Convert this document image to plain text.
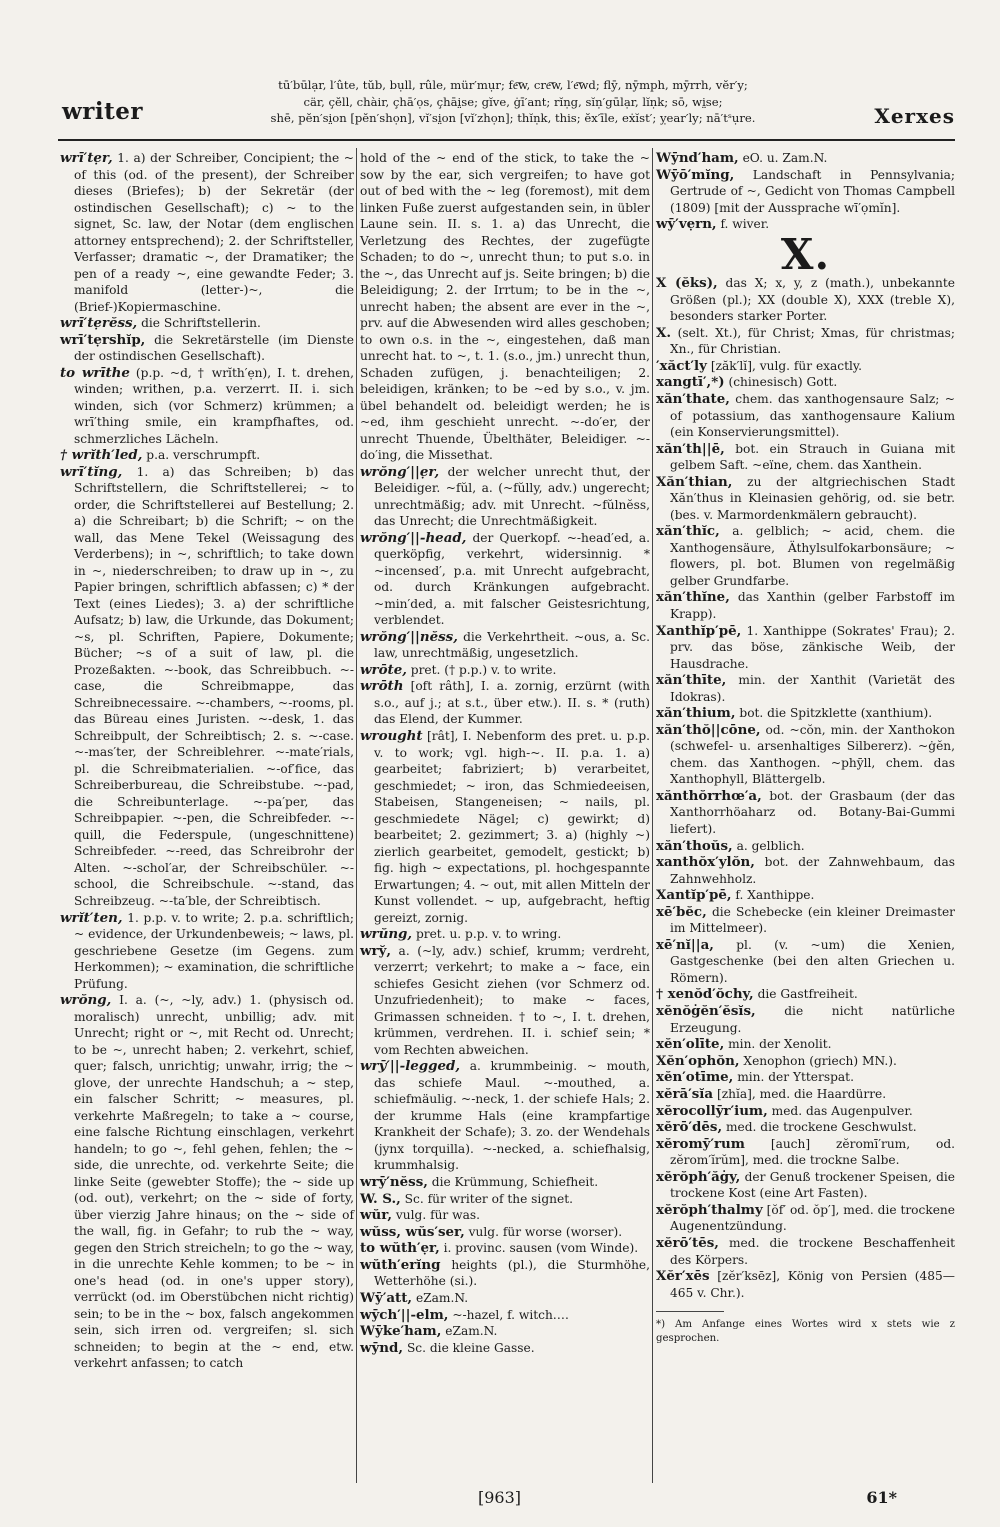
writer
tū′būlạr, l′ûte, tŭb, bụll, rûle, mür′mụr; fe͞w, cre͞w, l′e͞wd; flȳ, nȳmph, mȳrrh, vĕr′y;
cär, çĕll, chàir, çhā′ọs, çhāi̤se; gĭve, ġī′ant; rĭṇg, sĭṇ′gūlạr, lĭṇk; sō, wi̤se;
shē, pĕn′si̤on [pĕn′shọn], vĭ′si̤on [vĭ′zhọn]; thĭṇk, this; ĕx′īle, eẋĭst′; ỵear′ly; nā′tˢụre.	Xerxes
wrī′tẹr, 1. a) der Schreiber, Concipient; the ~ of this (od. of the present), der Schreiber dieses (Briefes); b) der Sekretär (der ostindischen Gesellschaft); c) ~ to the signet, Sc. law, der Notar (dem englischen attorney entsprechend); 2. der Schriftsteller, Verfasser; dramatic ~, der Dramatiker; the pen of a ready ~, eine gewandte Feder; 3. manifold (letter-)~, die (Brief-)Kopiermaschine.
wrī′tẹrĕss, die Schriftstellerin.
wrī′tẹrshĭp, die Sekretärstelle (im Dienste der ostindischen Gesellschaft).
to wrīthe (p.p. ~d, † wrĭth′ẹn), I. t. drehen, winden; writhen, p.a. verzerrt. II. i. sich winden, sich (vor Schmerz) krümmen; a wrī′thing smile, ein krampfhaftes, od. schmerzliches Lächeln.
† wrĭth′led, p.a. verschrumpft.
wrī′tĭng, 1. a) das Schreiben; b) das Schriftstellern, die Schriftstellerei; ~ to order, die Schriftstellerei auf Bestellung; 2. a) die Schreibart; b) die Schrift; ~ on the wall, das Mene Tekel (Weissagung des Verderbens); in ~, schriftlich; to take down in ~, niederschreiben; to draw up in ~, zu Papier bringen, schriftlich abfassen; c) * der Text (eines Liedes); 3. a) der schriftliche Aufsatz; b) law, die Urkunde, das Dokument; ~s, pl. Schriften, Papiere, Dokumente; Bücher; ~s of a suit of law, pl. die Prozeßakten. ~-book, das Schreibbuch. ~-case, die Schreibmappe, das Schreibnecessaire. ~-chambers, ~-rooms, pl. das Büreau eines Juristen. ~-desk, 1. das Schreibpult, der Schreibtisch; 2. s. ~-case. ~-mas′ter, der Schreiblehrer. ~-mate′rials, pl. die Schreibmaterialien. ~-of′fice, das Schreiberbureau, die Schreibstube. ~-pad, die Schreibunterlage. ~-pa′per, das Schreibpapier. ~-pen, die Schreibfeder. ~-quill, die Federspule, (ungeschnittene) Schreibfeder. ~-reed, das Schreibrohr der Alten. ~-schol′ar, der Schreibschüler. ~-school, die Schreibschule. ~-stand, das Schreibzeug. ~-ta′ble, der Schreibtisch.
wrĭt′ten, 1. p.p. v. to write; 2. p.a. schriftlich; ~ evidence, der Urkundenbeweis; ~ laws, pl. geschriebene Gesetze (im Gegens. zum Herkommen); ~ examination, die schriftliche Prüfung.
wrŏng, I. a. (~, ~ly, adv.) 1. (physisch od. moralisch) unrecht, unbillig; adv. mit Unrecht; right or ~, mit Recht od. Unrecht; to be ~, unrecht haben; 2. verkehrt, schief, quer; falsch, unrichtig; unwahr, irrig; the ~ glove, der unrechte Handschuh; a ~ step, ein falscher Schritt; ~ measures, pl. verkehrte Maßregeln; to take a ~ course, eine falsche Richtung einschlagen, verkehrt handeln; to go ~, fehl gehen, fehlen; the ~ side, die unrechte, od. verkehrte Seite; die linke Seite (gewebter Stoffe); the ~ side up (od. out), verkehrt; on the ~ side of forty, über vierzig Jahre hinaus; on the ~ side of the wall, fig. in Gefahr; to rub the ~ way, gegen den Strich streicheln; to go the ~ way, in die unrechte Kehle kommen; to be ~ in one's head (od. in one's upper story), verrückt (od. im Oberstübchen nicht richtig) sein; to be in the ~ box, falsch angekommen sein, sich irren od. vergreifen; sl. sich schneiden; to begin at the ~ end, etw. verkehrt anfassen; to catch
hold of the ~ end of the stick, to take the ~ sow by the ear, sich vergreifen; to have got out of bed with the ~ leg (foremost), mit dem linken Fuße zuerst aufgestanden sein, in übler Laune sein. II. s. 1. a) das Unrecht, die Verletzung des Rechtes, der zugefügte Schaden; to do ~, unrecht thun; to put s.o. in the ~, das Unrecht auf js. Seite bringen; b) die Beleidigung; 2. der Irrtum; to be in the ~, unrecht haben; the absent are ever in the ~, prv. auf die Abwesenden wird alles geschoben; to own o.s. in the ~, eingestehen, daß man unrecht hat. to ~, t. 1. (s.o., jm.) unrecht thun, Schaden zufügen, j. benachteiligen; 2. beleidigen, kränken; to be ~ed by s.o., v. jm. übel behandelt od. beleidigt werden; he is ~ed, ihm geschieht unrecht. ~-do′er, der unrecht Thuende, Übelthäter, Beleidiger. ~-do′ing, die Missethat.
wrŏng′||ẹr, der welcher unrecht thut, der Beleidiger. ~fŭl, a. (~fŭlly, adv.) ungerecht; unrechtmäßig; adv. mit Unrecht. ~fŭlnĕss, das Unrecht; die Unrechtmäßigkeit.
wrŏng′||-head, der Querkopf. ~-head′ed, a. querköpfig, verkehrt, widersinnig. * ~incensed′, p.a. mit Unrecht aufgebracht, od. durch Kränkungen aufgebracht. ~min′ded, a. mit falscher Geistesrichtung, verblendet.
wrŏng′||nĕss, die Verkehrtheit. ~ous, a. Sc. law, unrechtmäßig, ungesetzlich.
wrōte, pret. († p.p.) v. to write.
wrōth [oft râth], I. a. zornig, erzürnt (with s.o., auf j.; at s.t., über etw.). II. s. * (ruth) das Elend, der Kummer.
wrought [rât], I. Nebenform des pret. u. p.p. v. to work; vgl. high-~. II. p.a. 1. a) gearbeitet; fabriziert; b) verarbeitet, geschmiedet; ~ iron, das Schmiedeeisen, Stabeisen, Stangeneisen; ~ nails, pl. geschmiedete Nägel; c) gewirkt; d) bearbeitet; 2. gezimmert; 3. a) (highly ~) zierlich gearbeitet, gemodelt, gestickt; b) fig. high ~ expectations, pl. hochgespannte Erwartungen; 4. ~ out, mit allen Mitteln der Kunst vollendet. ~ up, aufgebracht, heftig gereizt, zornig.
wrŭng, pret. u. p.p. v. to wring.
wry̆, a. (~ly, adv.) schief, krumm; verdreht, verzerrt; verkehrt; to make a ~ face, ein schiefes Gesicht ziehen (vor Schmerz od. Unzufriedenheit); to make ~ faces, Grimassen schneiden. † to ~, I. t. drehen, krümmen, verdrehen. II. i. schief sein; * vom Rechten abweichen.
wrȳ′||-legged, a. krummbeinig. ~ mouth, das schiefe Maul. ~-mouthed, a. schiefmäulig. ~-neck, 1. der schiefe Hals; 2. der krumme Hals (eine krampfartige Krankheit der Schafe); 3. zo. der Wendehals (jynx torquilla). ~-necked, a. schiefhalsig, krummhalsig.
wrȳ′nĕss, die Krümmung, Schiefheit.
W. S., Sc. für writer of the signet.
wŭr, vulg. für was.
wŭss, wŭs′ser, vulg. für worse (worser).
to wŭth′ẹr, i. provinc. sausen (vom Winde).
wŭth′erĭng heights (pl.), die Sturmhöhe, Wetterhöhe (si.).
Wȳ′att, eZam.N.
wȳch′||-elm, ~-hazel, f. witch….
Wȳke′ham, eZam.N.
wȳnd, Sc. die kleine Gasse.
Wȳnd′ham, eO. u. Zam.N.
Wȳō′mĭng, Landschaft in Pennsylvania; Gertrude of ~, Gedicht von Thomas Campbell (1809) [mit der Aussprache wī′ọmĭn].
wȳ′vẹrn, f. wiver.
X.
X (ĕks), das X; x, y, z (math.), unbekannte Größen (pl.); XX (double X), XXX (treble X), besonders starker Porter.
X. (selt. Xt.), für Christ; Xmas, für christmas; Xn., für Christian.
′xăct′ly [zăk′lĭ], vulg. für exactly.
xangtī′,*) (chinesisch) Gott.
xăn′thate, chem. das xanthogensaure Salz; ~ of potassium, das xanthogensaure Kalium (ein Konservierungsmittel).
xăn′th||ē, bot. ein Strauch in Guiana mit gelbem Saft. ~eïne, chem. das Xanthein.
Xăn′thian, zu der altgriechischen Stadt Xăn′thus in Kleinasien gehörig, od. sie betr. (bes. v. Marmordenkmälern gebraucht).
xăn′thĭc, a. gelblich; ~ acid, chem. die Xanthogensäure, Äthylsulfokarbonsäure; ~ flowers, pl. bot. Blumen von regelmäßig gelber Grundfarbe.
xăn′thĭne, das Xanthin (gelber Farbstoff im Krapp).
Xanthĭp′pē, 1. Xanthippe (Sokrates' Frau); 2. prv. das böse, zänkische Weib, der Hausdrache.
xăn′thīte, min. der Xanthit (Varietät des Idokras).
xăn′thium, bot. die Spitzklette (xanthium).
xăn′thŏ||cōne, od. ~cŏn, min. der Xanthokon (schwefel- u. arsenhaltiges Silbererz). ~ġĕn, chem. das Xanthogen. ~phȳll, chem. das Xanthophyll, Blättergelb.
xănthŏrrhœ′a, bot. der Grasbaum (der das Xanthorrhöaharz od. Botany-Bai-Gummi liefert).
xăn′thoŭs, a. gelblich.
xanthŏx′ylŏn, bot. der Zahnwehbaum, das Zahnwehholz.
Xantĭp′pē, f. Xanthippe.
xē′bĕc, die Schebecke (ein kleiner Dreimaster im Mittelmeer).
xē′nĭ||a, pl. (v. ~um) die Xenien, Gastgeschenke (bei den alten Griechen u. Römern).
† xenŏd′ŏchy, die Gastfreiheit.
xĕnŏġĕn′ĕsĭs, die nicht natürliche Erzeugung.
xĕn′olīte, min. der Xenolit.
Xĕn′ophŏn, Xenophon (griech) MN.).
xĕn′otīme, min. der Ytterspat.
xĕrā′sĭa [zhĭa], med. die Haardürre.
xĕrocollȳr′ium, med. das Augenpulver.
xĕrō′dēs, med. die trockene Geschwulst.
xĕromȳ′rum [auch] zĕromī′rum, od. zĕrom′ĭrŭm], med. die trockne Salbe.
xĕrŏph′ăġy, der Genuß trockener Speisen, die trockene Kost (eine Art Fasten).
xĕrŏph′thalmy [ŏf′ od. ŏp′], med. die trockene Augenentzündung.
xĕrō′tēs, med. die trockene Beschaffenheit des Körpers.
Xĕr′xēs [zĕr′ksēz], König von Persien (485—465 v. Chr.).
*) Am Anfange eines Wortes wird x stets wie z gesprochen.
[963]	61*
